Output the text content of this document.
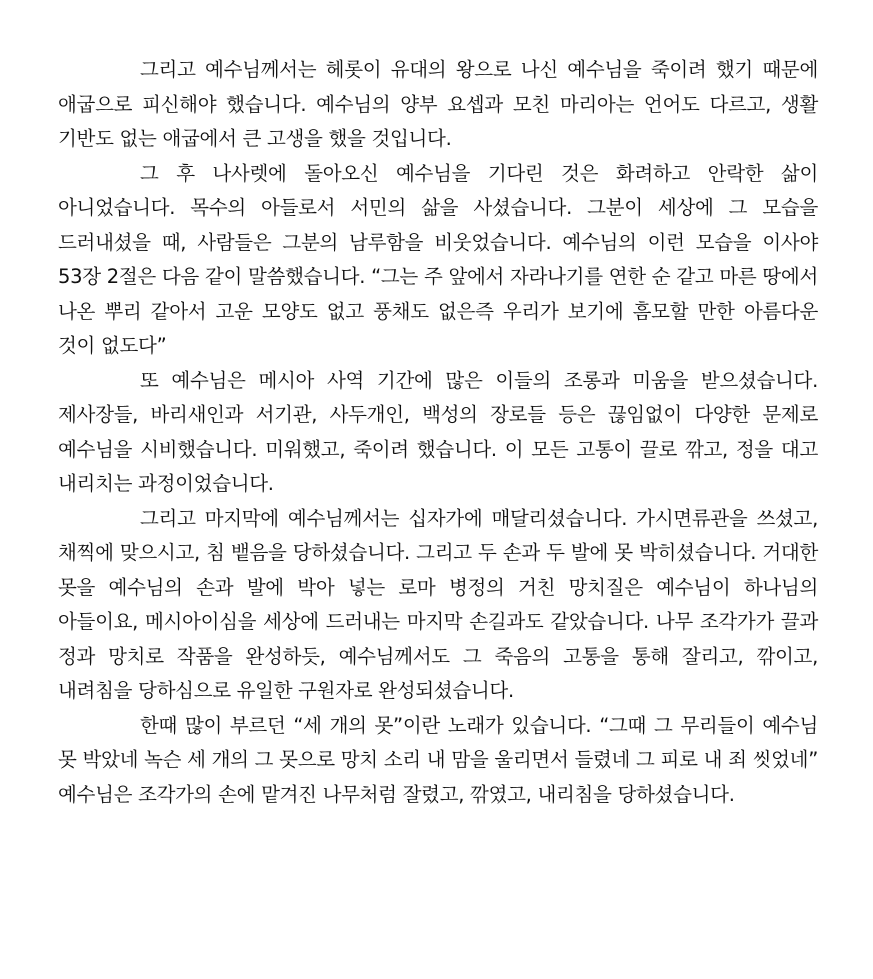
그리고 예수님께서는 헤롯이 유대의 왕으로 나신 예수님을 죽이려 했기 때문에 애굽으로 피신해야 했습니다. 예수님의 양부 요셉과 모친 마리아는 언어도 다르고, 생활 기반도 없는 애굽에서 큰 고생을 했을 것입니다.

그 후 나사렛에 돌아오신 예수님을 기다린 것은 화려하고 안락한 삶이 아니었습니다. 목수의 아들로서 서민의 삶을 사셨습니다. 그분이 세상에 그 모습을 드러내셨을 때, 사람들은 그분의 남루함을 비웃었습니다. 예수님의 이런 모습을 이사야 53장 2절은 다음 같이 말씀했습니다. “그는 주 앞에서 자라나기를 연한 순 같고 마른 땅에서 나온 뿌리 같아서 고운 모양도 없고 풍채도 없은즉 우리가 보기에 흠모할 만한 아름다운 것이 없도다”

또 예수님은 메시아 사역 기간에 많은 이들의 조롱과 미움을 받으셨습니다. 제사장들, 바리새인과 서기관, 사두개인, 백성의 장로들 등은 끊임없이 다양한 문제로 예수님을 시비했습니다. 미워했고, 죽이려 했습니다. 이 모든 고통이 끌로 깎고, 정을 대고 내리치는 과정이었습니다.

그리고 마지막에 예수님께서는 십자가에 매달리셨습니다. 가시면류관을 쓰셨고, 채찍에 맞으시고, 침 뱉음을 당하셨습니다. 그리고 두 손과 두 발에 못 박히셨습니다. 거대한 못을 예수님의 손과 발에 박아 넣는 로마 병정의 거친 망치질은 예수님이 하나님의 아들이요, 메시아이심을 세상에 드러내는 마지막 손길과도 같았습니다. 나무 조각가가 끌과 정과 망치로 작품을 완성하듯, 예수님께서도 그 죽음의 고통을 통해 잘리고, 깎이고, 내려침을 당하심으로 유일한 구원자로 완성되셨습니다.

한때 많이 부르던 “세 개의 못”이란 노래가 있습니다. “그때 그 무리들이 예수님 못 박았네 녹슨 세 개의 그 못으로 망치 소리 내 맘을 울리면서 들렸네 그 피로 내 죄 씻었네” 예수님은 조각가의 손에 맡겨진 나무처럼 잘렸고, 깎였고, 내리침을 당하셨습니다.
